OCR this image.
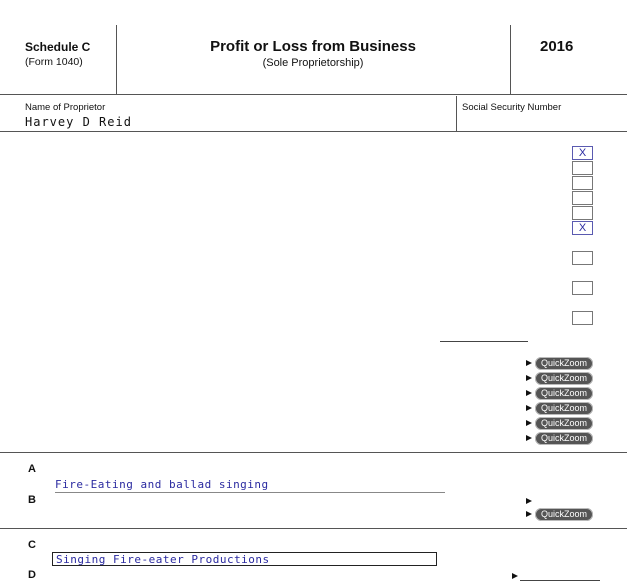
Schedule C
(Form 1040)
Profit or Loss from Business
(Sole Proprietorship)
2016
Name of Proprietor
Harvey D Reid
Social Security Number
X
X
QuickZoom
QuickZoom
QuickZoom
QuickZoom
QuickZoom
QuickZoom
A
Fire-Eating and ballad singing
B
QuickZoom
C
Singing Fire-eater Productions
D
